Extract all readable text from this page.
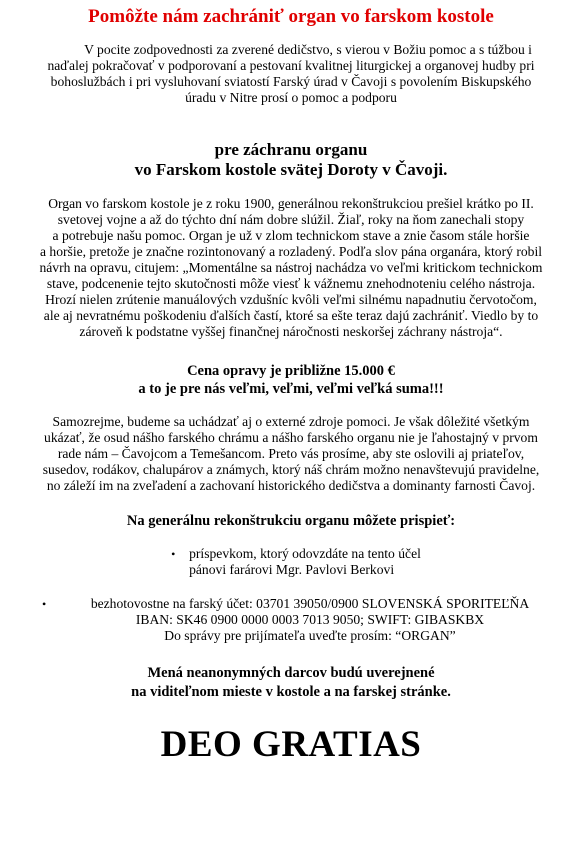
Pomôžte nám zachrániť organ vo farskom kostole

V pocite zodpovednosti za zverené dedičstvo, s vierou v Božiu pomoc a s túžbou i
naďalej pokračovať v podporovaní a pestovaní kvalitnej liturgickej a organovej hudby pri
bohoslužbách i pri vysluhovaní sviatostí Farský úrad v Čavoji s povolením Biskupského
úradu v Nitre prosí o pomoc a podporu

pre záchranu organu
vo Farskom kostole svätej Doroty v Čavoji.

Organ vo farskom kostole je z roku 1900, generálnou rekonštrukciou prešiel krátko po II.
svetovej vojne a až do týchto dní nám dobre slúžil. Žiaľ, roky na ňom zanechali stopy
a potrebuje našu pomoc. Organ je už v zlom technickom stave a znie časom stále horšie
a horšie, pretože je značne rozintonovaný a rozladený. Podľa slov pána organára, ktorý robil
návrh na opravu, citujem: „Momentálne sa nástroj nachádza vo veľmi kritickom technickom
stave, podcenenie tejto skutočnosti môže viesť k vážnemu znehodnoteniu celého nástroja.
Hrozí nielen zrútenie manuálových vzdušníc kvôli veľmi silnému napadnutiu červotočom,
ale aj nevratnému poškodeniu ďalších častí, ktoré sa ešte teraz dajú zachrániť. Viedlo by to
zároveň k podstatne vyššej finančnej náročnosti neskoršej záchrany nástroja“.

Cena opravy je približne 15.000 €
a to je pre nás veľmi, veľmi, veľmi veľká suma!!!

Samozrejme, budeme sa uchádzať aj o externé zdroje pomoci. Je však dôležité všetkým
ukázať, že osud nášho farského chrámu a nášho farského organu nie je ľahostajný v prvom
rade nám – Čavojcom a Temešancom. Preto vás prosíme, aby ste oslovili aj priateľov,
susedov, rodákov, chalupárov a známych, ktorý náš chrám možno nenavštevujú pravidelne,
no záleží im na zveľadení a zachovaní historického dedičstva a dominanty farnosti Čavoj.

Na generálnu rekonštrukciu organu môžete prispieť:
•	príspevkom, ktorý odovzdáte na tento účel
pánovi farárovi Mgr. Pavlovi Berkovi
•	bezhotovostne na farský účet: 03701 39050/0900 SLOVENSKÁ SPORITEĽŇA
IBAN: SK46 0900 0000 0003 7013 9050; SWIFT: GIBASKBX
Do správy pre prijímateľa uveďte prosím: “ORGAN”
Mená neanonymných darcov budú uverejnené
na viditeľnom mieste v kostole a na farskej stránke.
DEO GRATIAS
